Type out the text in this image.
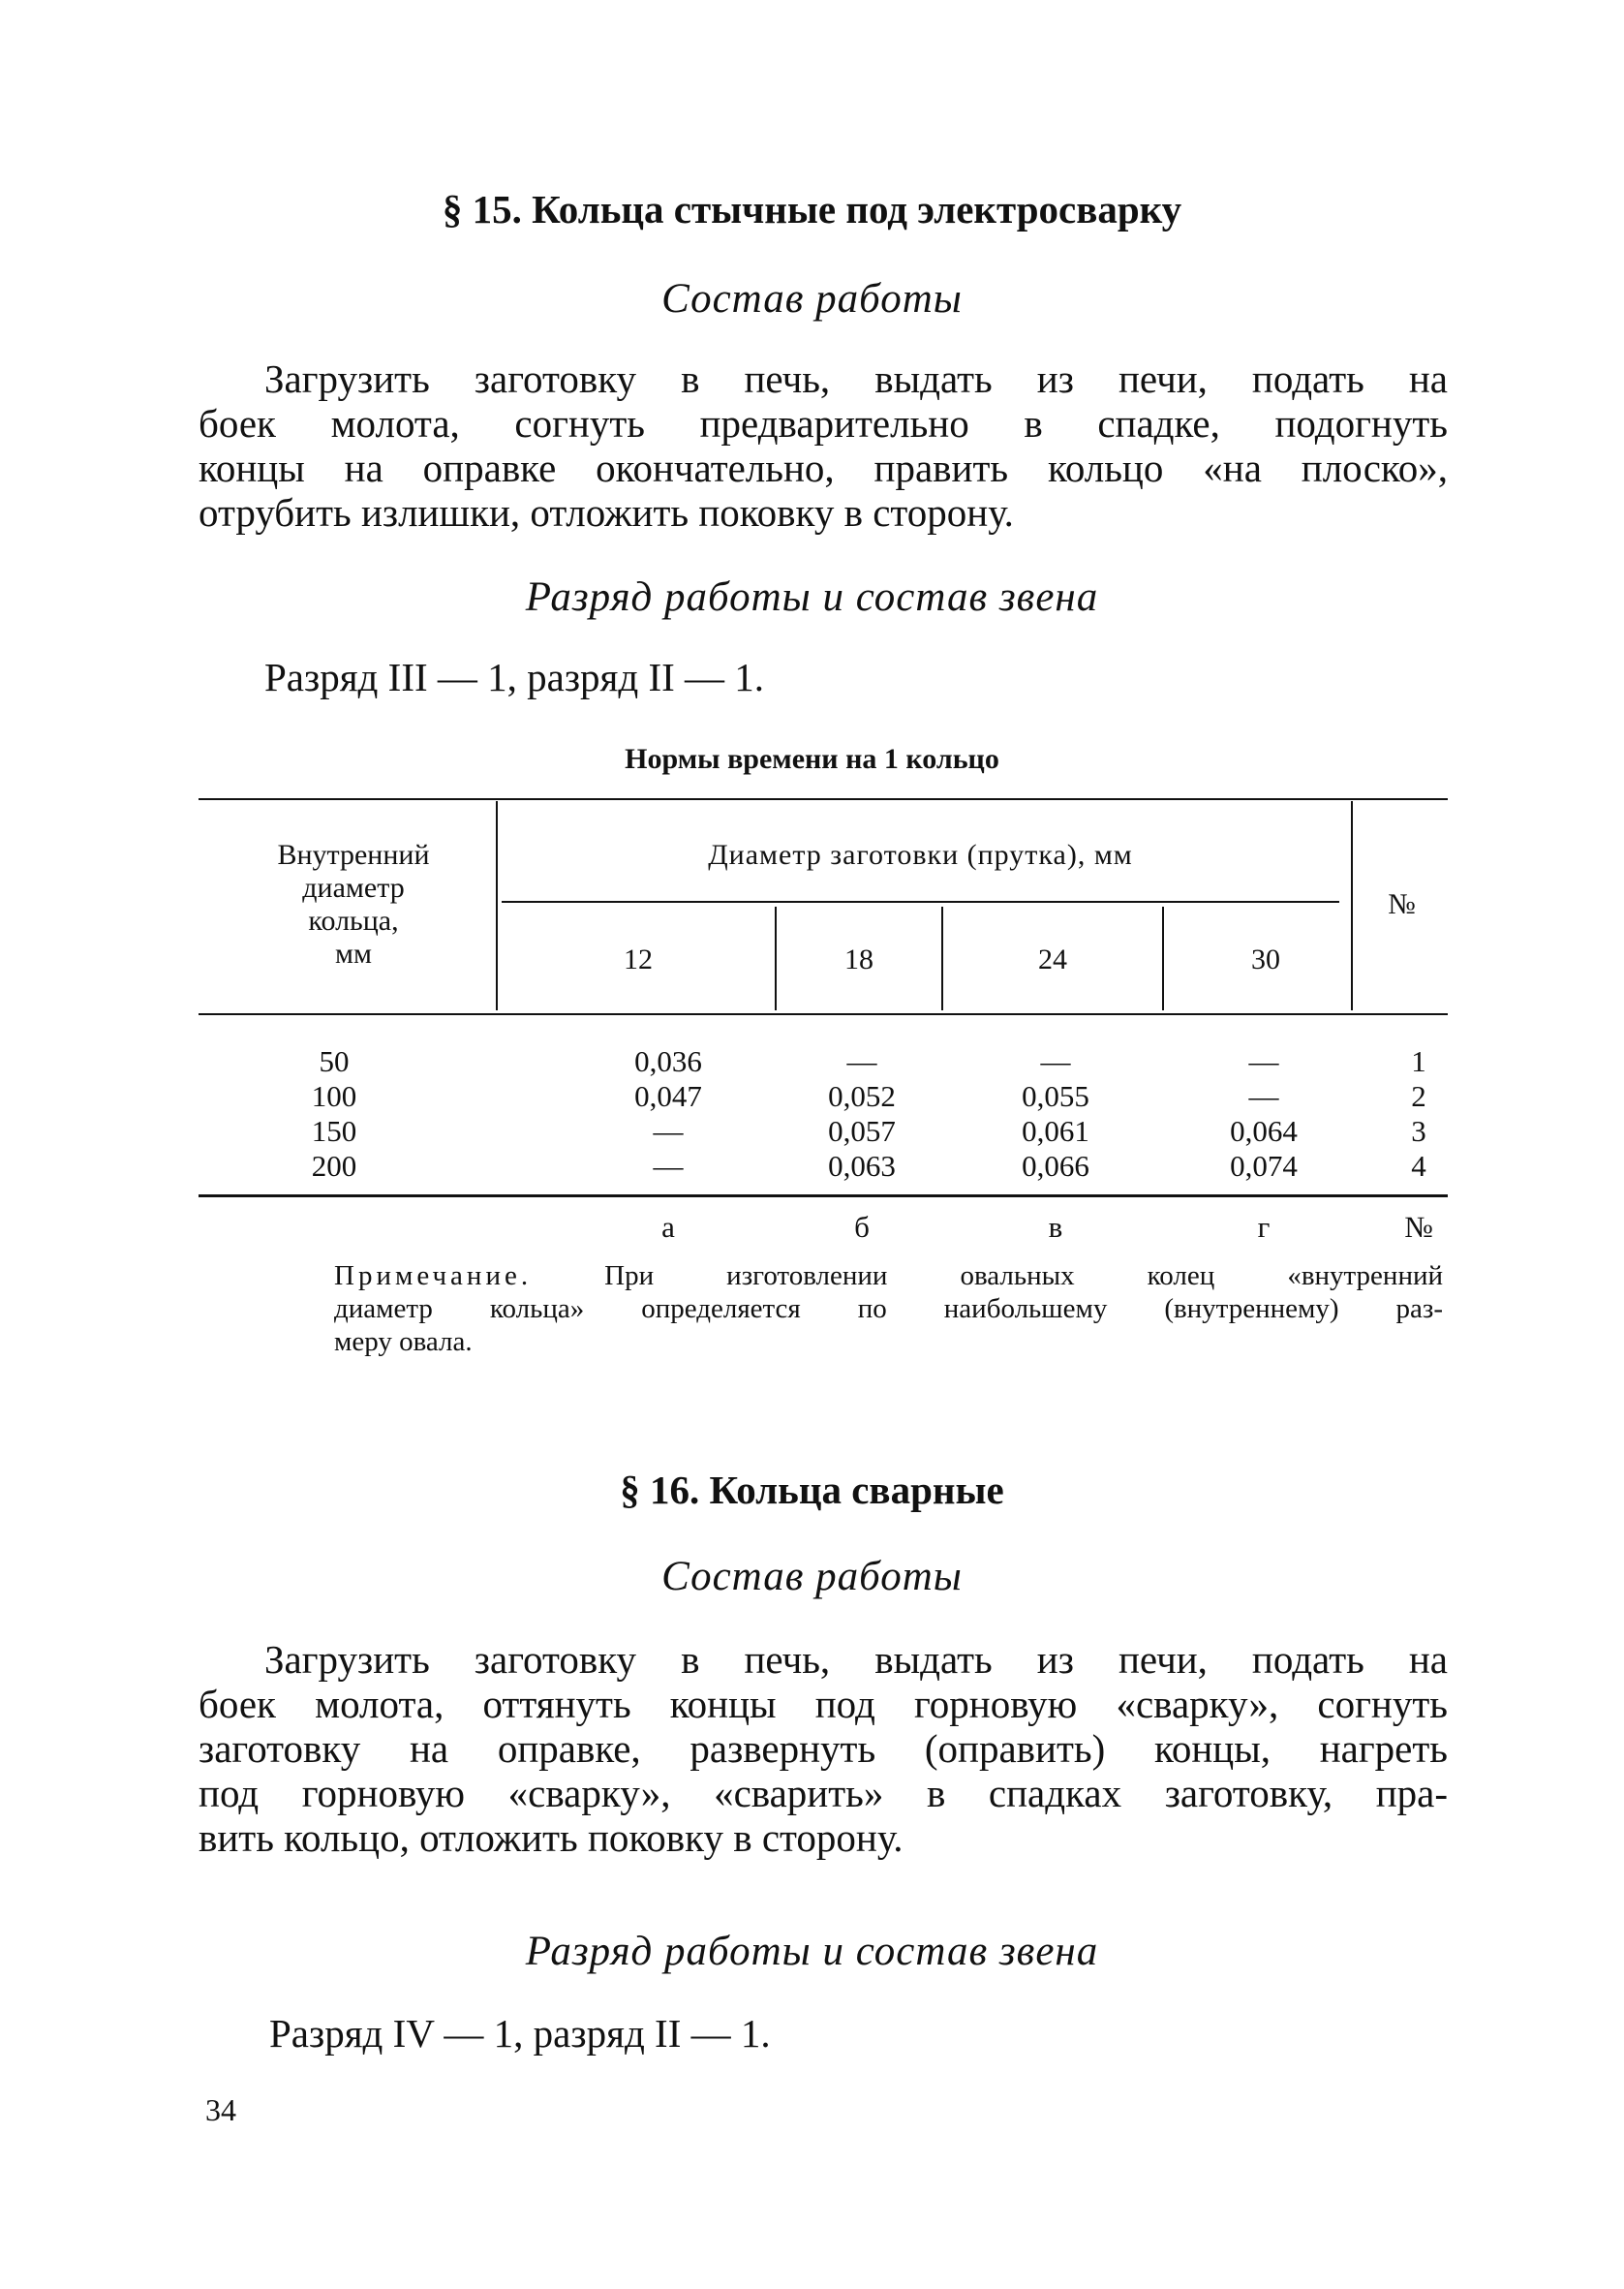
§ 15. Кольца стычные под электросварку
Состав работы
Загрузить заготовку в печь, выдать из печи, подать на
боек молота, согнуть предварительно в спадке, подогнуть
концы на оправке окончательно, править кольцо «на плоско»,
отрубить излишки, отложить поковку в сторону.
Разряд работы и состав звена
Разряд III — 1, разряд II — 1.
Нормы времени на 1 кольцо
Внутренний
диаметр
кольца,
мм
Диаметр заготовки (прутка), мм
№
12	18	24	30
50	0,036	—	—	—	1
100	0,047	0,052	0,055	—	2
150	—	0,057	0,061	0,064	3
200	—	0,063	0,066	0,074	4
а	б	в	г	№
Примечание.	При изготовлении овальных колец «внутренний
диаметр кольца» определяется по наибольшему (внутреннему) раз-
меру овала.
§ 16. Кольца сварные
Состав работы
Загрузить заготовку в печь, выдать из печи, подать на
боек молота, оттянуть концы под горновую «сварку», согнуть
заготовку на оправке, развернуть (оправить) концы, нагреть
под горновую «сварку», «сварить» в спадках заготовку, пра-
вить кольцо, отложить поковку в сторону.
Разряд работы и состав звена
Разряд IV — 1, разряд II — 1.
34
